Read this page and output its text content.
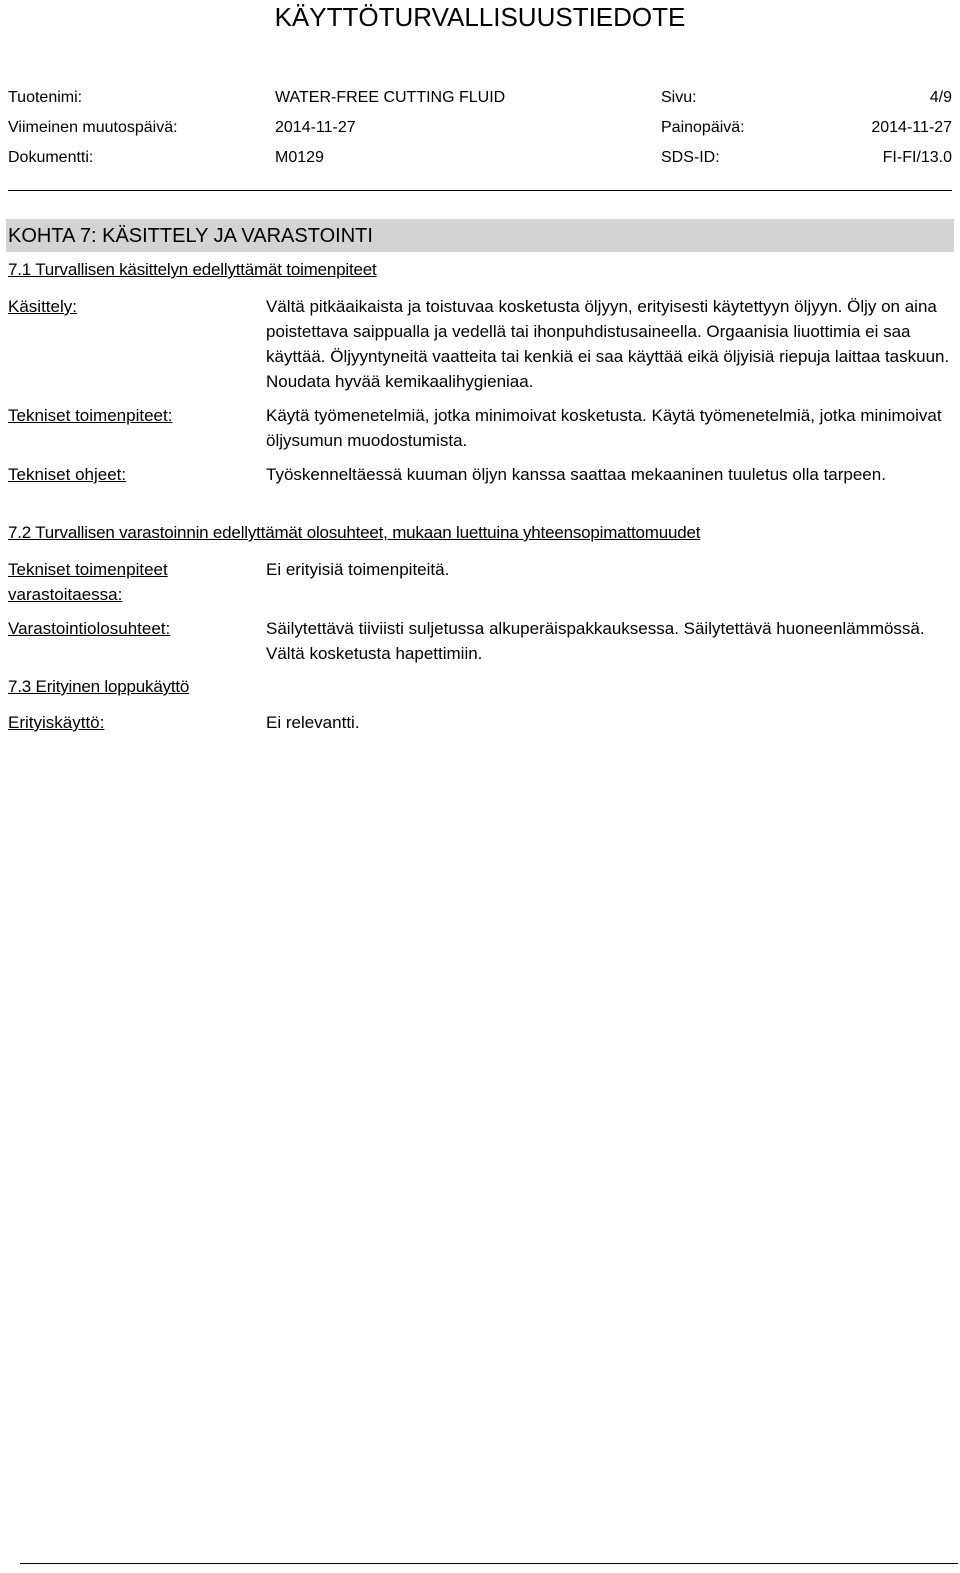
KÄYTTÖTURVALLISUUSTIEDOTE
Tuotenimi:	WATER-FREE CUTTING FLUID	Sivu:	4/9
Viimeinen muutospäivä:	2014-11-27	Painopäivä:	2014-11-27
Dokumentti:	M0129	SDS-ID:	FI-FI/13.0
KOHTA 7: KÄSITTELY JA VARASTOINTI
7.1 Turvallisen käsittelyn edellyttämät toimenpiteet
Käsittely:	Vältä pitkäaikaista ja toistuvaa kosketusta öljyyn, erityisesti käytettyyn öljyyn. Öljy on aina poistettava saippualla ja vedellä tai ihonpuhdistusaineella. Orgaanisia liuottimia ei saa käyttää. Öljyyntyneitä vaatteita tai kenkiä ei saa käyttää eikä öljyisiä riepuja laittaa taskuun. Noudata hyvää kemikaalihygieniaa.
Tekniset toimenpiteet:	Käytä työmenetelmiä, jotka minimoivat kosketusta. Käytä työmenetelmiä, jotka minimoivat öljysumun muodostumista.
Tekniset ohjeet:	Työskenneltäessä kuuman öljyn kanssa saattaa mekaaninen tuuletus olla tarpeen.
7.2 Turvallisen varastoinnin edellyttämät olosuhteet, mukaan luettuina yhteensopimattomuudet
Tekniset toimenpiteet varastoitaessa:
Ei erityisiä toimenpiteitä.
Varastointiolosuhteet:	Säilytettävä tiiviisti suljetussa alkuperäispakkauksessa. Säilytettävä huoneenlämmössä. Vältä kosketusta hapettimiin.
7.3 Erityinen loppukäyttö
Erityiskäyttö:	Ei relevantti.
